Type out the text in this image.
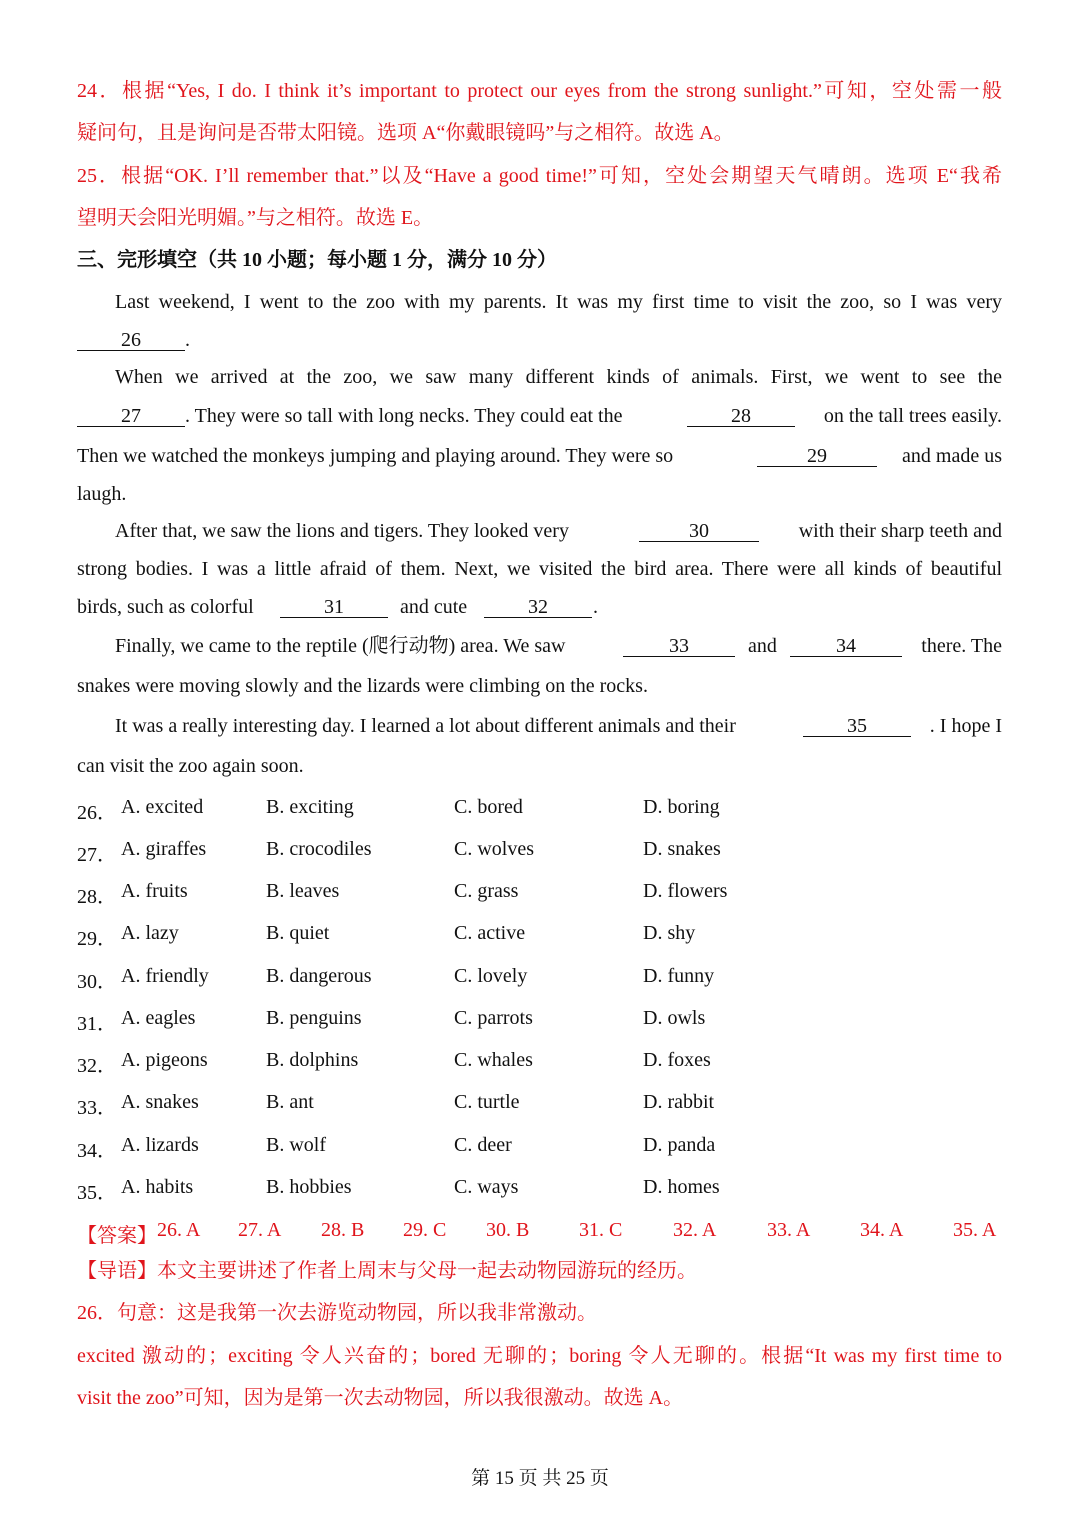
24．根据“Yes, I do. I think it’s important to protect our eyes from the strong sunlight.”可知，空处需一般
疑问句，且是询问是否带太阳镜。选项 A“你戴眼镜吗”与之相符。故选 A。
25．根据“OK. I’ll remember that.”以及“Have a good time!”可知，空处会期望天气晴朗。选项 E“我希
望明天会阳光明媚。”与之相符。故选 E。
三、完形填空（共 10 小题；每小题 1 分，满分 10 分）
Last weekend, I went to the zoo with my parents. It was my first time to visit the zoo, so I was very
26 .
When we arrived at the zoo, we saw many different kinds of animals. First, we went to see the
27 . They were so tall with long necks. They could eat the	28	on the tall trees easily.
Then we watched the monkeys jumping and playing around. They were so	29	and made us
laugh.
After that, we saw the lions and tigers. They looked very	30	with their sharp teeth and
strong bodies. I was a little afraid of them. Next, we visited the bird area. There were all kinds of beautiful
birds, such as colorful	31	and cute	32	.
Finally, we came to the reptile (爬行动物) area. We saw	33	and	34	there. The
snakes were moving slowly and the lizards were climbing on the rocks.
It was a really interesting day. I learned a lot about different animals and their	35	. I hope I
can visit the zoo again soon.
26． A. excited	B. exciting	C. bored	D. boring
27． A. giraffes	B. crocodiles	C. wolves	D. snakes
28． A. fruits	B. leaves	C. grass	D. flowers
29． A. lazy	B. quiet	C. active	D. shy
30． A. friendly	B. dangerous	C. lovely	D. funny
31． A. eagles	B. penguins	C. parrots	D. owls
32． A. pigeons	B. dolphins	C. whales	D. foxes
33． A. snakes	B. ant	C. turtle	D. rabbit
34． A. lizards	B. wolf	C. deer	D. panda
35． A. habits	B. hobbies	C. ways	D. homes
【答案】 26. A 27. A 28. B 29. C 30. B 31. C	32. A	33. A 34. A 35. A
【导语】本文主要讲述了作者上周末与父母一起去动物园游玩的经历。
26．句意：这是我第一次去游览动物园，所以我非常激动。
excited 激动的；exciting 令人兴奋的；bored 无聊的；boring 令人无聊的。根据“It was my first time to
visit the zoo”可知，因为是第一次去动物园，所以我很激动。故选 A。
第 15 页 共 25 页
